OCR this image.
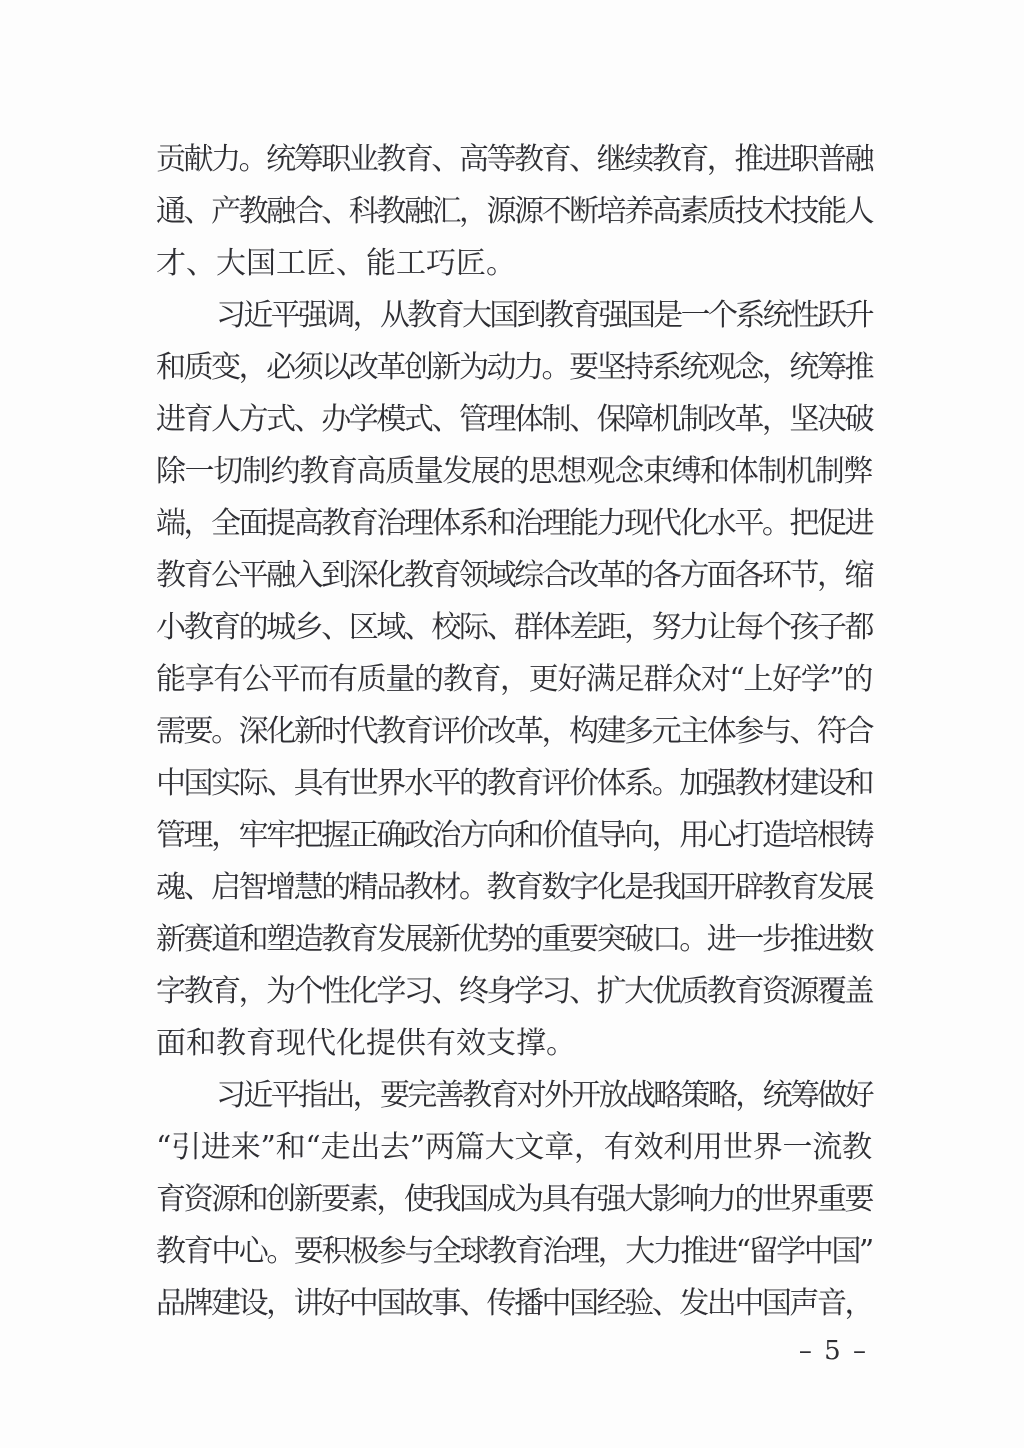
贡献力。统筹职业教育、高等教育、继续教育，推进职普融
通、产教融合、科教融汇，源源不断培养高素质技术技能人
才、大国工匠、能工巧匠。
习近平强调，从教育大国到教育强国是一个系统性跃升
和质变，必须以改革创新为动力。要坚持系统观念，统筹推
进育人方式、办学模式、管理体制、保障机制改革，坚决破
除一切制约教育高质量发展的思想观念束缚和体制机制弊
端，全面提高教育治理体系和治理能力现代化水平。把促进
教育公平融入到深化教育领域综合改革的各方面各环节，缩
小教育的城乡、区域、校际、群体差距，努力让每个孩子都
能享有公平而有质量的教育，更好满足群众对“上好学”的
需要。深化新时代教育评价改革，构建多元主体参与、符合
中国实际、具有世界水平的教育评价体系。加强教材建设和
管理，牢牢把握正确政治方向和价值导向，用心打造培根铸
魂、启智增慧的精品教材。教育数字化是我国开辟教育发展
新赛道和塑造教育发展新优势的重要突破口。进一步推进数
字教育，为个性化学习、终身学习、扩大优质教育资源覆盖
面和教育现代化提供有效支撑。
习近平指出，要完善教育对外开放战略策略，统筹做好
“引进来”和“走出去”两篇大文章，有效利用世界一流教
育资源和创新要素，使我国成为具有强大影响力的世界重要
教育中心。要积极参与全球教育治理，大力推进“留学中国”
品牌建设，讲好中国故事、传播中国经验、发出中国声音，
– 5 –
